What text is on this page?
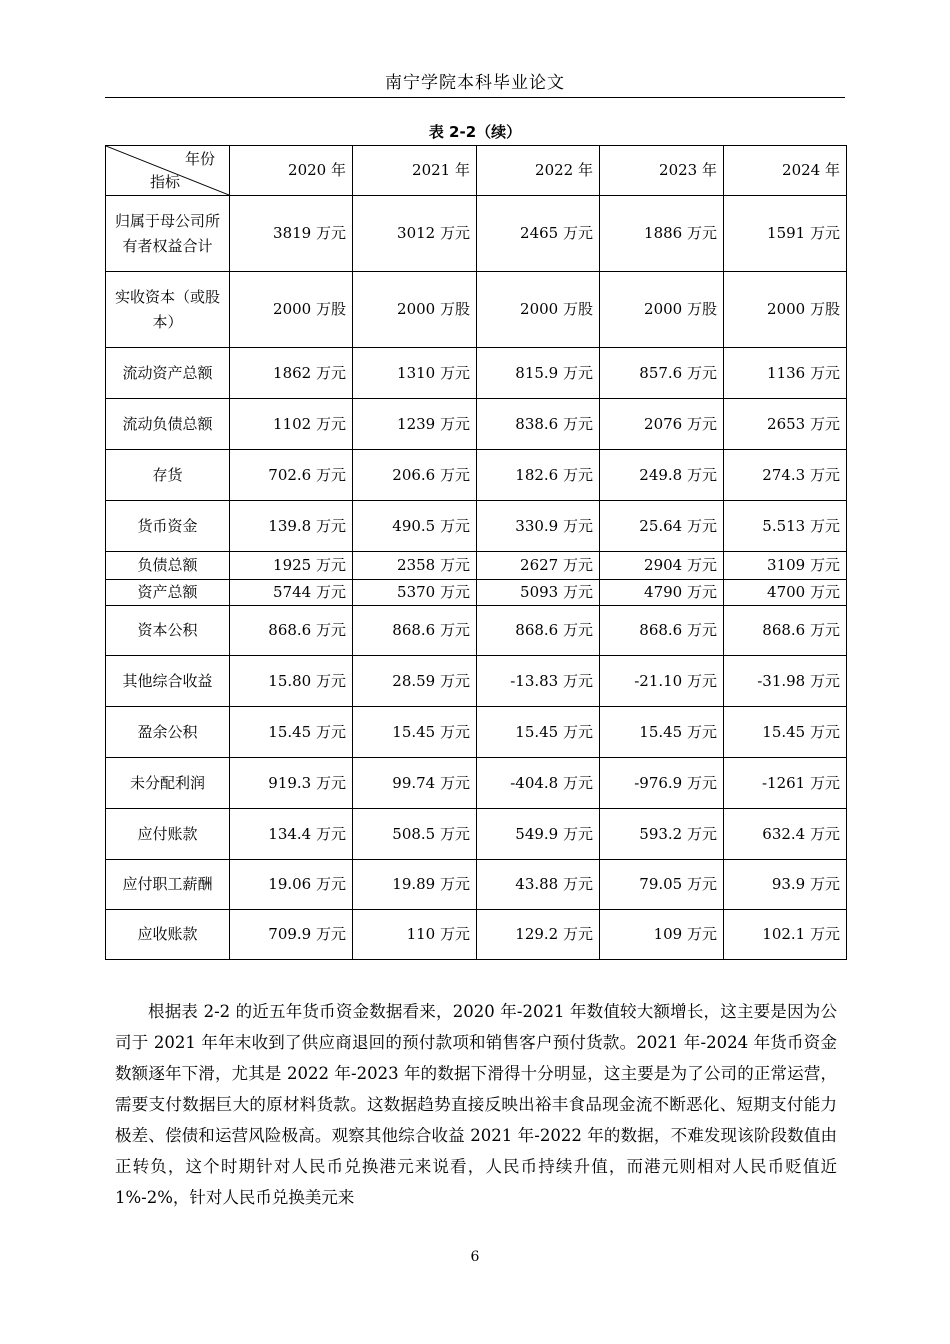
南宁学院本科毕业论文
表 2-2（续）
年份
指标	2020 年	2021 年	2022 年	2023 年	2024 年
归属于母公司所有者权益合计	3819 万元	3012 万元	2465 万元	1886 万元	1591 万元
实收资本（或股本）	2000 万股	2000 万股	2000 万股	2000 万股	2000 万股
流动资产总额	1862 万元	1310 万元	815.9 万元	857.6 万元	1136 万元
流动负债总额	1102 万元	1239 万元	838.6 万元	2076 万元	2653 万元
存货	702.6 万元	206.6 万元	182.6 万元	249.8 万元	274.3 万元
货币资金	139.8 万元	490.5 万元	330.9 万元	25.64 万元	5.513 万元
负债总额	1925 万元	2358 万元	2627 万元	2904 万元	3109 万元
资产总额	5744 万元	5370 万元	5093 万元	4790 万元	4700 万元
资本公积	868.6 万元	868.6 万元	868.6 万元	868.6 万元	868.6 万元
其他综合收益	15.80 万元	28.59 万元	-13.83 万元	-21.10 万元	-31.98 万元
盈余公积	15.45 万元	15.45 万元	15.45 万元	15.45 万元	15.45 万元
未分配利润	919.3 万元	99.74 万元	-404.8 万元	-976.9 万元	-1261 万元
应付账款	134.4 万元	508.5 万元	549.9 万元	593.2 万元	632.4 万元
应付职工薪酬	19.06 万元	19.89 万元	43.88 万元	79.05 万元	93.9 万元
应收账款	709.9 万元	110 万元	129.2 万元	109 万元	102.1 万元

根据表 2-2 的近五年货币资金数据看来，2020 年-2021 年数值较大额增长，这主要是因为公司于 2021 年年末收到了供应商退回的预付款项和销售客户预付货款。2021 年-2024 年货币资金数额逐年下滑，尤其是 2022 年-2023 年的数据下滑得十分明显，这主要是为了公司的正常运营，需要支付数据巨大的原材料货款。这数据趋势直接反映出裕丰食品现金流不断恶化、短期支付能力极差、偿债和运营风险极高。观察其他综合收益 2021 年-2022 年的数据，不难发现该阶段数值由正转负，这个时期针对人民币兑换港元来说看，人民币持续升值，而港元则相对人民币贬值近 1%-2%，针对人民币兑换美元来

6
